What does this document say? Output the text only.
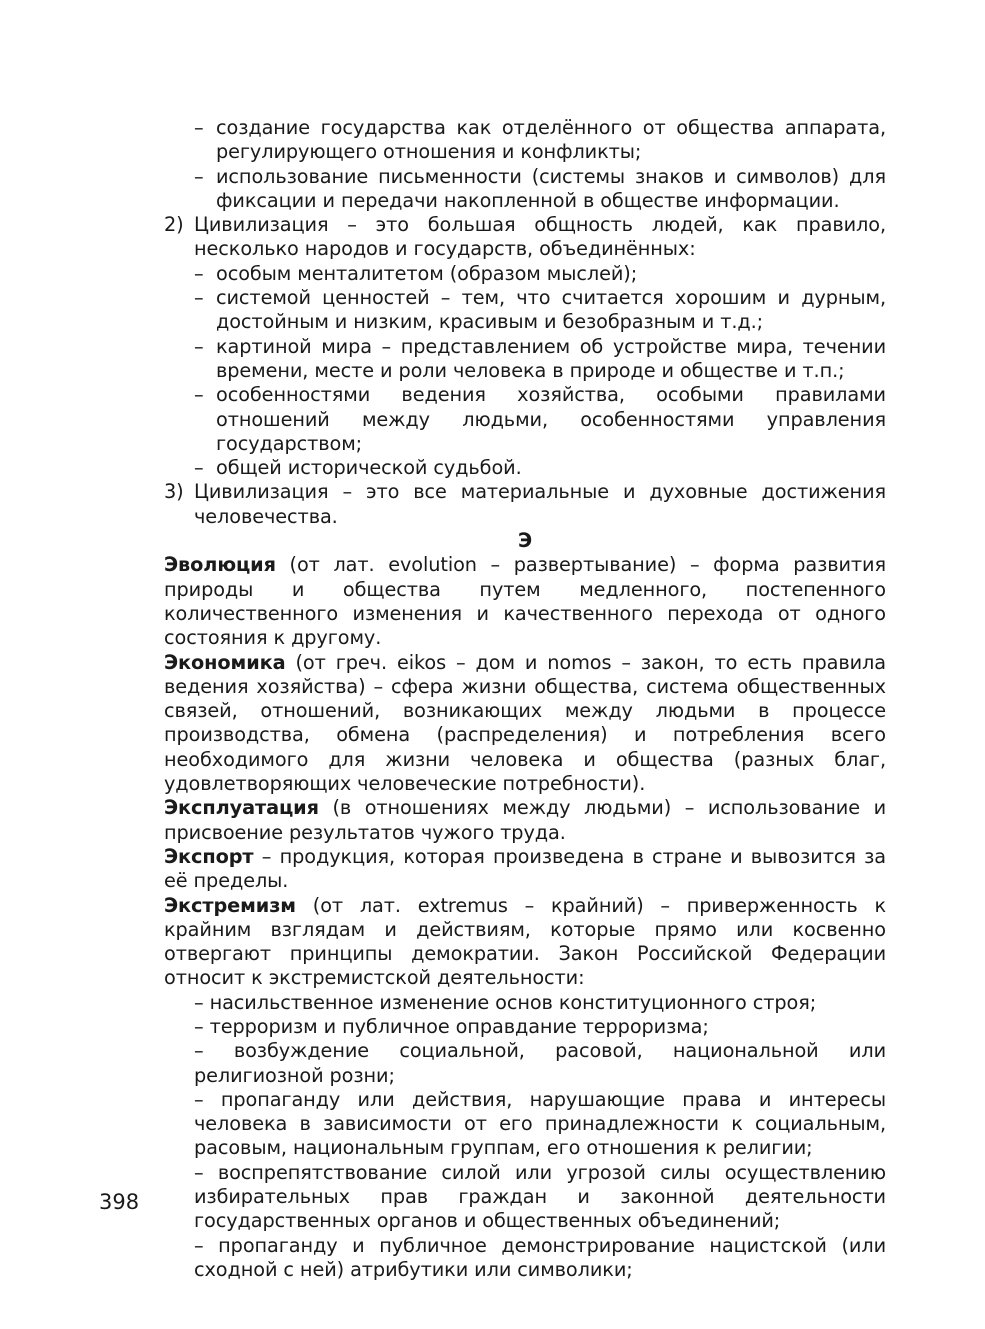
– создание государства как отделённого от общества аппарата, регулирующего отношения и конфликты;

– использование письменности (системы знаков и символов) для фиксации и передачи накопленной в обществе информации.

2) Цивилизация – это большая общность людей, как правило, несколько народов и государств, объединённых:

– особым менталитетом (образом мыслей);

– системой ценностей – тем, что считается хорошим и дурным, достойным и низким, красивым и безобразным и т.д.;

– картиной мира – представлением об устройстве мира, течении времени, месте и роли человека в природе и обществе и т.п.;

– особенностями ведения хозяйства, особыми правилами отношений между людьми, особенностями управления государством;

– общей исторической судьбой.

3) Цивилизация – это все материальные и духовные достижения человечества.

Э

Эволюция (от лат. evolution – развертывание) – форма развития природы и общества путем медленного, постепенного количественного изменения и качественного перехода от одного состояния к другому.

Экономика (от греч. eikos – дом и nomos – закон, то есть правила ведения хозяйства) – сфера жизни общества, система общественных связей, отношений, возникающих между людьми в процессе производства, обмена (распределения) и потребления всего необходимого для жизни человека и общества (разных благ, удовлетворяющих человеческие потребности).

Эксплуатация (в отношениях между людьми) – использование и присвоение результатов чужого труда.

Экспорт – продукция, которая произведена в стране и вывозится за её пределы.

Экстремизм (от лат. extremus – крайний) – приверженность к крайним взглядам и действиям, которые прямо или косвенно отвергают принципы демократии. Закон Российской Федерации относит к экстремистской деятельности:

– насильственное изменение основ конституционного строя;

– терроризм и публичное оправдание терроризма;

– возбуждение социальной, расовой, национальной или религиозной розни;

– пропаганду или действия, нарушающие права и интересы человека в зависимости от его принадлежности к социальным, расовым, национальным группам, его отношения к религии;

– воспрепятствование силой или угрозой силы осуществлению избирательных прав граждан и законной деятельности государственных органов и общественных объединений;

– пропаганду и публичное демонстрирование нацистской (или сходной с ней) атрибутики или символики;

398
